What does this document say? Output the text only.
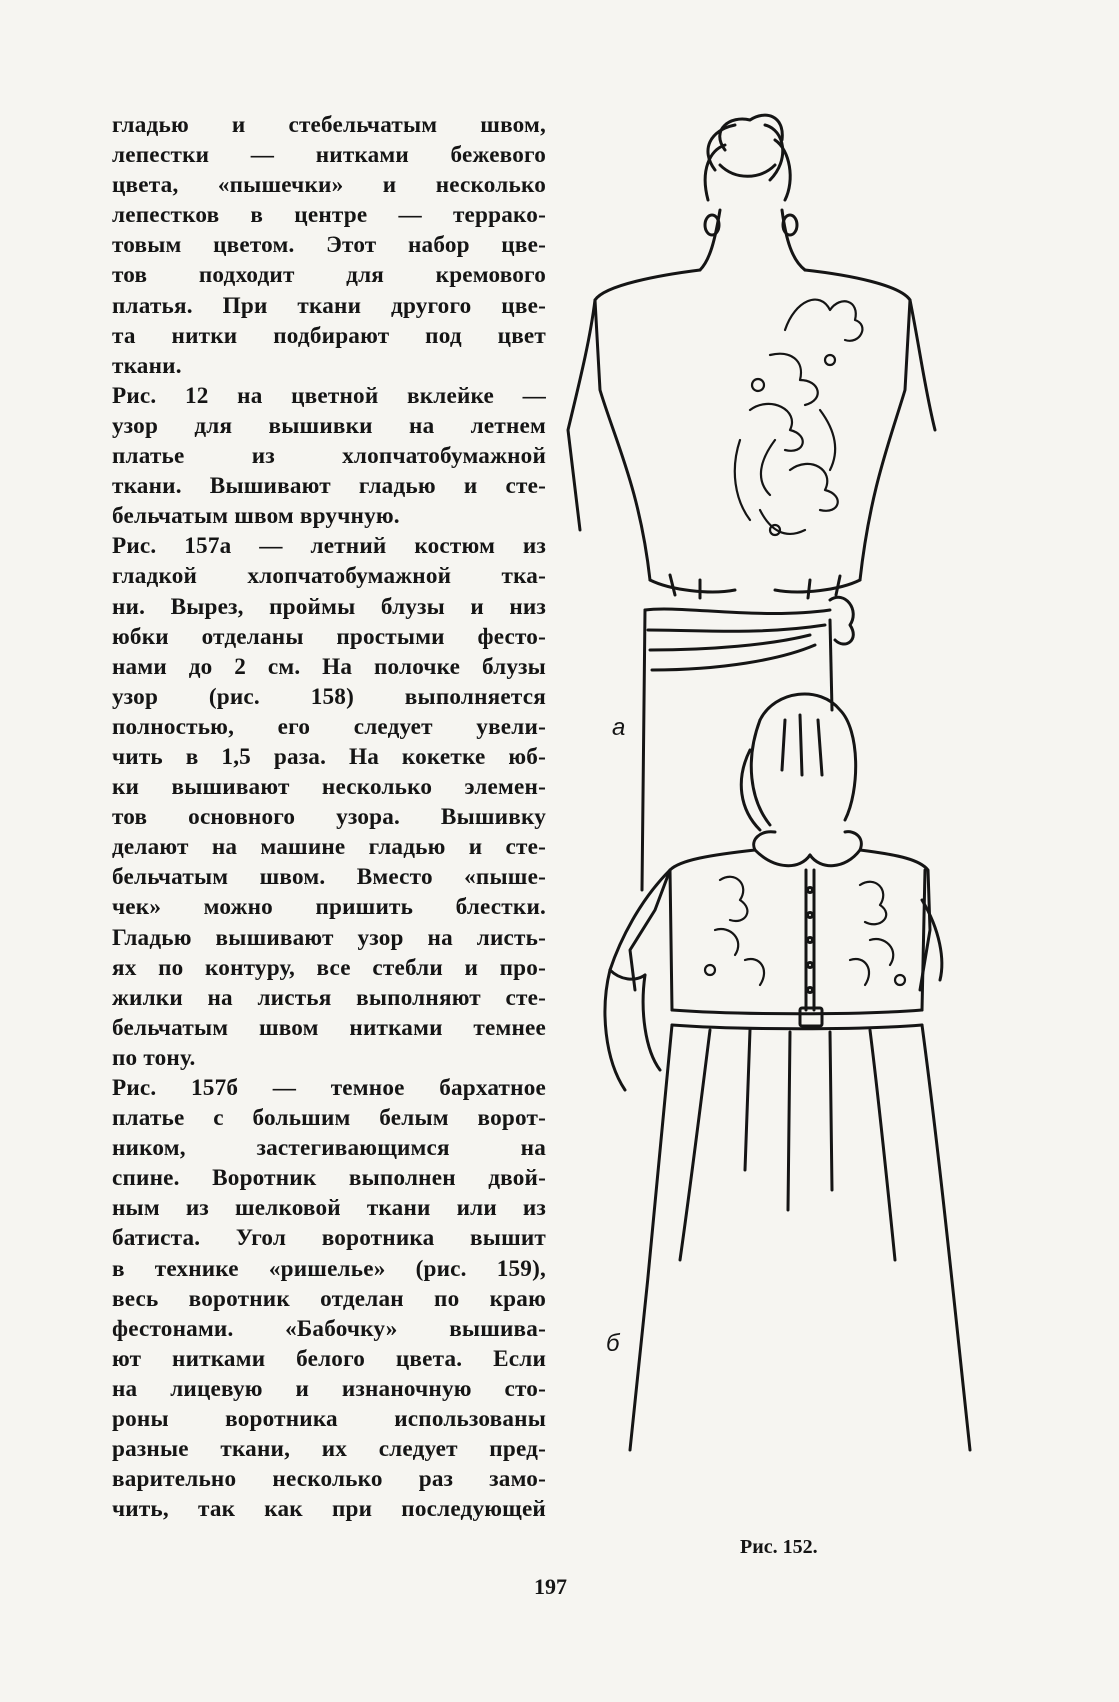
гладью и стебельчатым швом,
лепестки — нитками бежевого
цвета, «пышечки» и несколько
лепестков в центре — террако-
товым цветом. Этот набор цве-
тов подходит для кремового
платья. При ткани другого цве-
та нитки подбирают под цвет
ткани.
Рис. 12 на цветной вклейке —
узор для вышивки на летнем
платье из хлопчатобумажной
ткани. Вышивают гладью и сте-
бельчатым швом вручную.
Рис. 157а — летний костюм из
гладкой хлопчатобумажной тка-
ни. Вырез, проймы блузы и низ
юбки отделаны простыми фесто-
нами до 2 см. На полочке блузы
узор (рис. 158) выполняется
полностью, его следует увели-
чить в 1,5 раза. На кокетке юб-
ки вышивают несколько элемен-
тов основного узора. Вышивку
делают на машине гладью и сте-
бельчатым швом. Вместо «пыше-
чек» можно пришить блестки.
Гладью вышивают узор на листь-
ях по контуру, все стебли и про-
жилки на листья выполняют сте-
бельчатым швом нитками темнее
по тону.
Рис. 157б — темное бархатное
платье с большим белым ворот-
ником, застегивающимся на
спине. Воротник выполнен двой-
ным из шелковой ткани или из
батиста. Угол воротника вышит
в технике «ришелье» (рис. 159),
весь воротник отделан по краю
фестонами. «Бабочку» вышива-
ют нитками белого цвета. Если
на лицевую и изнаночную сто-
роны воротника использованы
разные ткани, их следует пред-
варительно несколько раз замо-
чить, так как при последующей
а
б
Рис. 152.
197
